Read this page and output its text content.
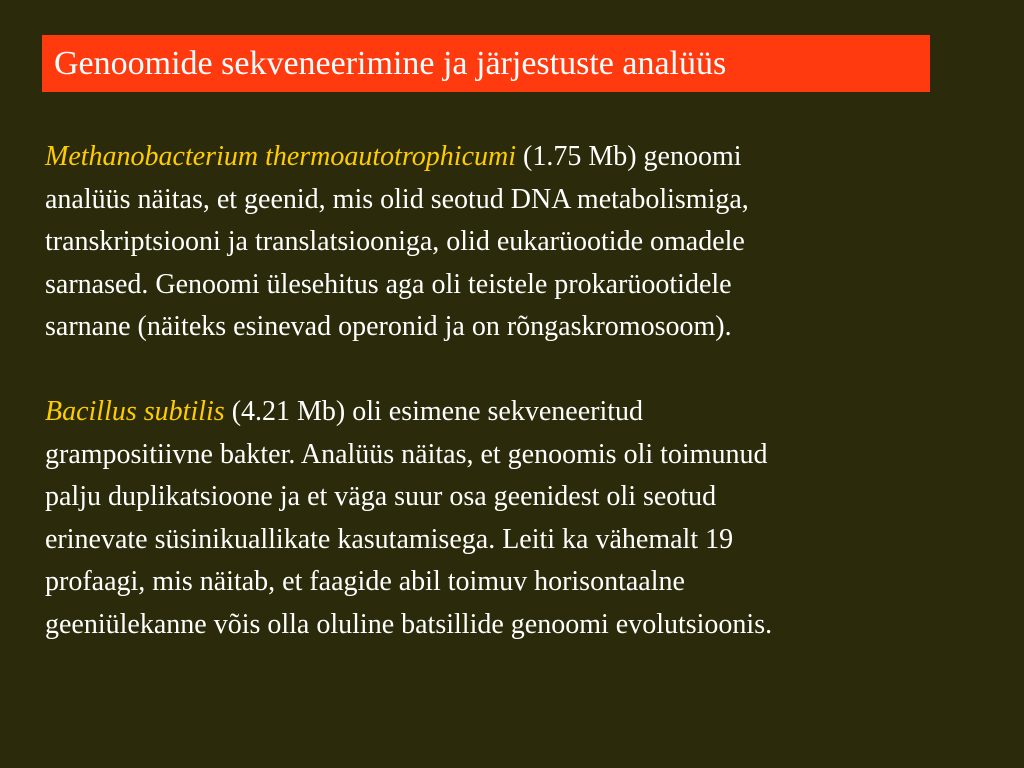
Genoomide sekveneerimine ja järjestuste analüüs

Methanobacterium thermoautotrophicumi (1.75 Mb) genoomi
analüüs näitas, et geenid, mis olid seotud DNA metabolismiga,
transkriptsiooni ja translatsiooniga, olid eukarüootide omadele
sarnased. Genoomi ülesehitus aga oli teistele prokarüootidele
sarnane (näiteks esinevad operonid ja on rõngaskromosoom).

Bacillus subtilis (4.21 Mb) oli esimene sekveneeritud
grampositiivne bakter. Analüüs näitas, et genoomis oli toimunud
palju duplikatsioone ja et väga suur osa geenidest oli seotud
erinevate süsinikuallikate kasutamisega. Leiti ka vähemalt 19
profaagi, mis näitab, et faagide abil toimuv horisontaalne
geeniülekanne võis olla oluline batsillide genoomi evolutsioonis.
